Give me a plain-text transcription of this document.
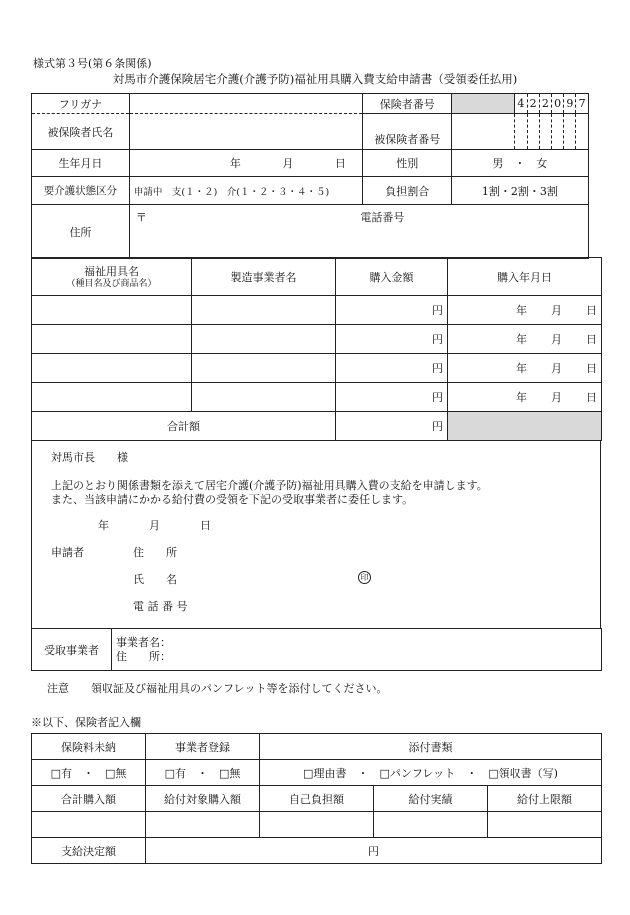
様式第３号(第６条関係)
対馬市介護保険居宅介護(介護予防)福祉用具購入費支給申請書（受領委任払用)
フリガナ		保険者番号		4	2	2	0	9	7
被保険者氏名		被保険者番号							
生年月日	年 月 日	性別	男　・　女						
要介護状態区分	申請中　支(１・２)　介(１・２・３・４・５)	負担割合	1割・2割・3割						
住所	〒 電話番号								
福祉用具名
（種目名及び商品名）	製造事業者名	購入金額	購入年月日
		円	年 月 日
		円	年 月 日
		円	年 月 日
		円	年 月 日
合計額		円	
対馬市長　　様
上記のとおり関係書類を添えて居宅介護(介護予防)福祉用具購入費の支給を申請します。
また、当該申請にかかる給付費の受領を下記の受取事業者に委任します。
年	月	日
申請者	住　　所
氏　　名	印
電 話 番 号
受取事業者	
事業者名：
住　　所：
注意 領収証及び福祉用具のパンフレット等を添付してください。
※以下、保険者記入欄
保険料未納	事業者登録	添付書類		
□有　・　□無	□有　・　□無	□理由書　・　□パンフレット　・　□領収書（写)		
合計購入額	給付対象購入額	自己負担額	給付実績	給付上限額

支給決定額	円			
